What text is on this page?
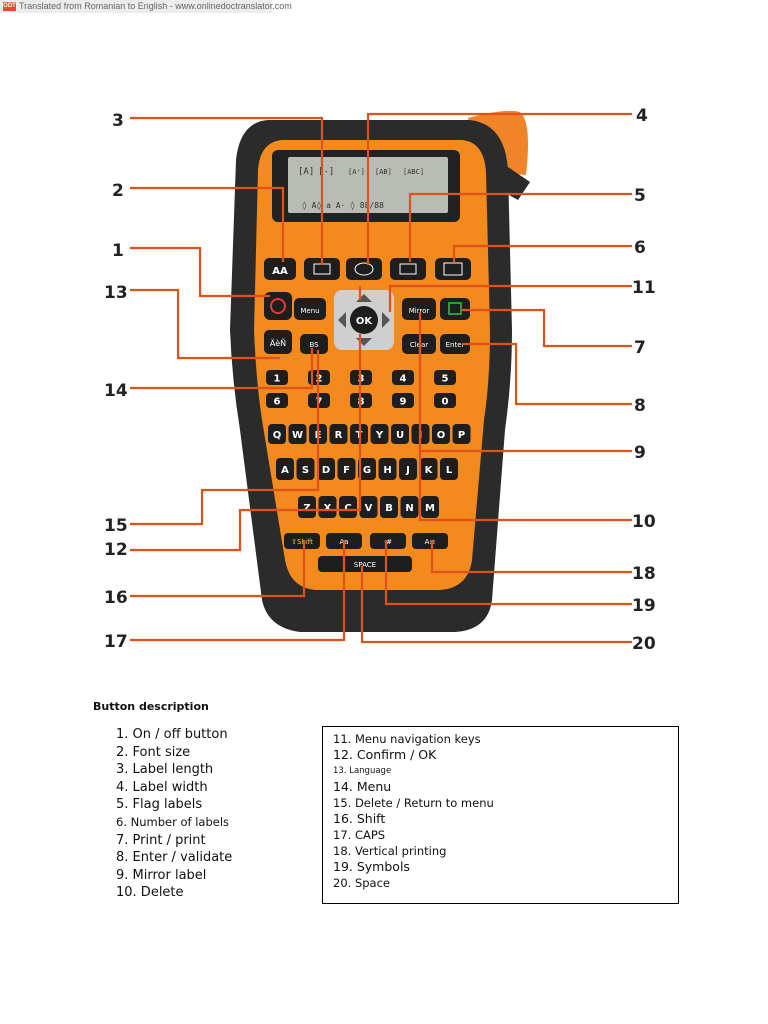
ODT Translated from Romanian to English - www.onlinedoctranslator.com
[A] [-] [A⁺] [AB] [ABC]
◊ A◊ a A· ◊ 88/88
AA
Menu
OK
Mirror
ÄèÑ	BS	Clear Enter
1	2	3	4	5
6	7	8	9	0
Q W E R T Y U I O P
A S D F G H J K L
Z X C V B N M
⇧Shift	Aa	·#	A≡
SPACE
3
2
1
13
14
15
12
16
17
4
5
6
11
7
8
9
10
18
19
20
Button description
1. On / off button
2. Font size
3. Label length
4. Label width
5. Flag labels
6. Number of labels
7. Print / print
8. Enter / validate
9. Mirror label
10. Delete
11. Menu navigation keys
12. Confirm / OK
13. Language
14. Menu
15. Delete / Return to menu
16. Shift
17. CAPS
18. Vertical printing
19. Symbols
20. Space
